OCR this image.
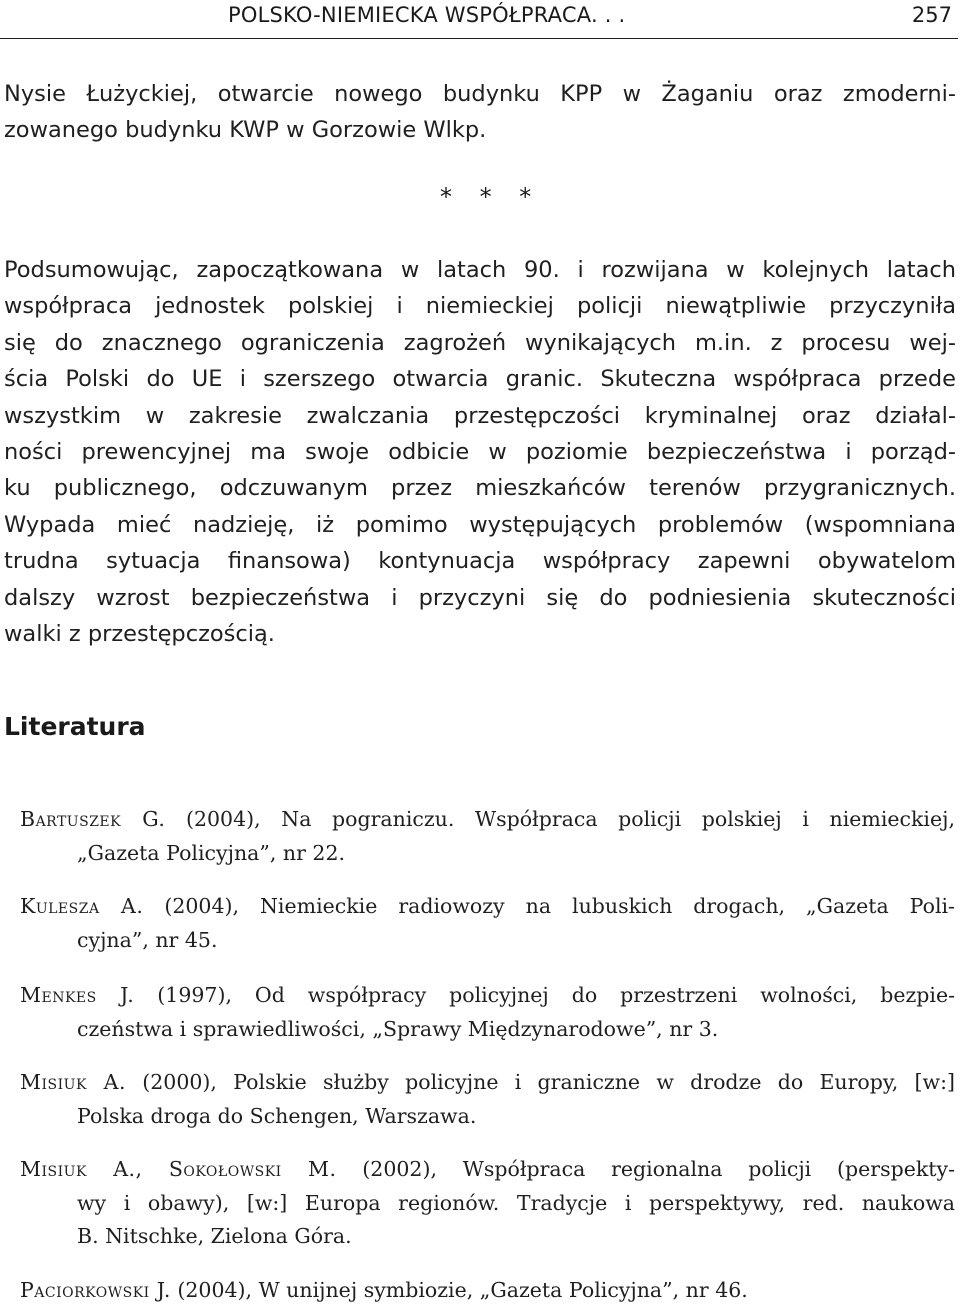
POLSKO-NIEMIECKA WSPÓŁPRACA. . .	257
Nysie Łużyckiej, otwarcie nowego budynku KPP w Żaganiu oraz zmoderni-
zowanego budynku KWP w Gorzowie Wlkp.
* * *
Podsumowując, zapoczątkowana w latach 90. i rozwijana w kolejnych latach
współpraca jednostek polskiej i niemieckiej policji niewątpliwie przyczyniła
się do znacznego ograniczenia zagrożeń wynikających m.in. z procesu wej-
ścia Polski do UE i szerszego otwarcia granic. Skuteczna współpraca przede
wszystkim w zakresie zwalczania przestępczości kryminalnej oraz działal-
ności prewencyjnej ma swoje odbicie w poziomie bezpieczeństwa i porząd-
ku publicznego, odczuwanym przez mieszkańców terenów przygranicznych.
Wypada mieć nadzieję, iż pomimo występujących problemów (wspomniana
trudna sytuacja finansowa) kontynuacja współpracy zapewni obywatelom
dalszy wzrost bezpieczeństwa i przyczyni się do podniesienia skuteczności
walki z przestępczością.
Literatura
Bartuszek G. (2004), Na pograniczu. Współpraca policji polskiej i niemieckiej,
„Gazeta Policyjna”, nr 22.
Kulesza A. (2004), Niemieckie radiowozy na lubuskich drogach, „Gazeta Poli-
cyjna”, nr 45.
Menkes J. (1997), Od współpracy policyjnej do przestrzeni wolności, bezpie-
czeństwa i sprawiedliwości, „Sprawy Międzynarodowe”, nr 3.
Misiuk A. (2000), Polskie służby policyjne i graniczne w drodze do Europy, [w:]
Polska droga do Schengen, Warszawa.
Misiuk A., Sokołowski M. (2002), Współpraca regionalna policji (perspekty-
wy i obawy), [w:] Europa regionów. Tradycje i perspektywy, red. naukowa
B. Nitschke, Zielona Góra.
Paciorkowski J. (2004), W unijnej symbiozie, „Gazeta Policyjna”, nr 46.
